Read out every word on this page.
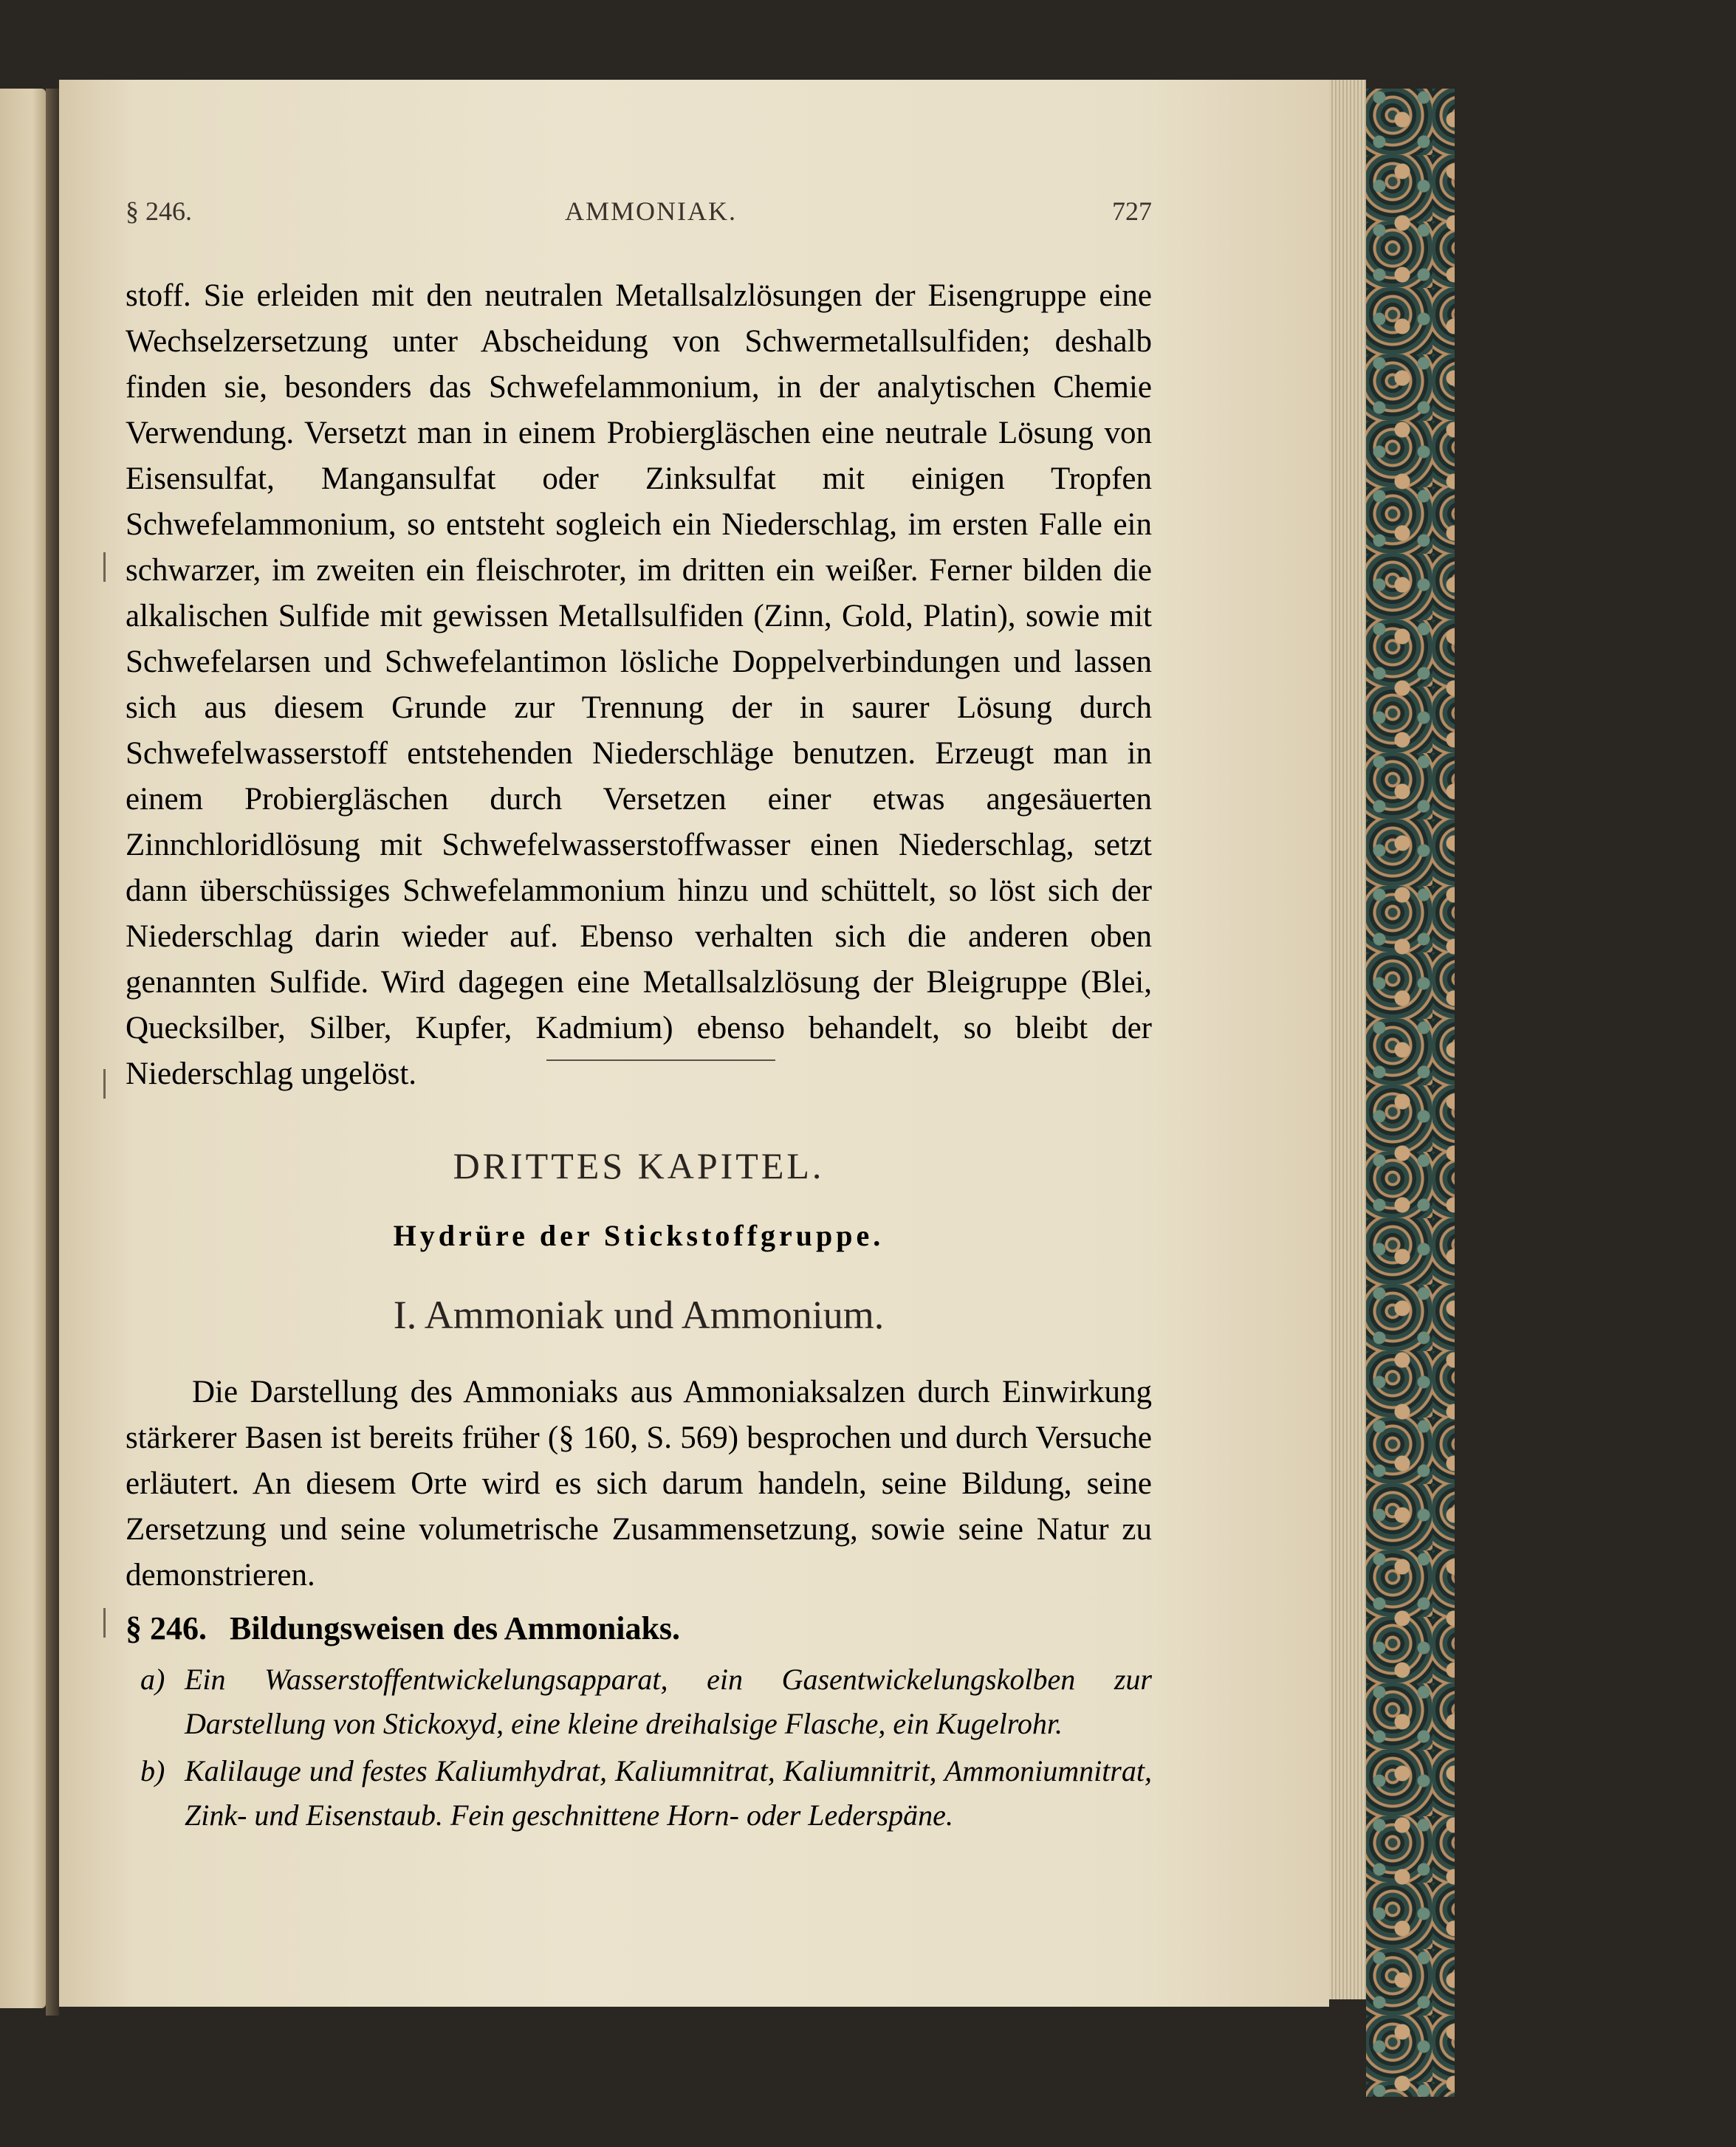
§ 246.	AMMONIAK.	727
stoff. Sie erleiden mit den neutralen Metallsalzlösungen der Eisengruppe eine Wechselzersetzung unter Abscheidung von Schwermetallsulfiden; deshalb finden sie, besonders das Schwefelammonium, in der analytischen Chemie Verwendung. Versetzt man in einem Probiergläschen eine neutrale Lösung von Eisensulfat, Mangansulfat oder Zinksulfat mit einigen Tropfen Schwefelammonium, so entsteht sogleich ein Niederschlag, im ersten Falle ein schwarzer, im zweiten ein fleischroter, im dritten ein weißer. Ferner bilden die alkalischen Sulfide mit gewissen Metallsulfiden (Zinn, Gold, Platin), sowie mit Schwefelarsen und Schwefelantimon lösliche Doppelverbindungen und lassen sich aus diesem Grunde zur Trennung der in saurer Lösung durch Schwefelwasserstoff entstehenden Niederschläge benutzen. Erzeugt man in einem Probiergläschen durch Versetzen einer etwas angesäuerten Zinnchloridlösung mit Schwefelwasserstoffwasser einen Niederschlag, setzt dann überschüssiges Schwefelammonium hinzu und schüttelt, so löst sich der Niederschlag darin wieder auf. Ebenso verhalten sich die anderen oben genannten Sulfide. Wird dagegen eine Metallsalzlösung der Bleigruppe (Blei, Quecksilber, Silber, Kupfer, Kadmium) ebenso behandelt, so bleibt der Niederschlag ungelöst.
DRITTES KAPITEL.
Hydrüre der Stickstoffgruppe.
I. Ammoniak und Ammonium.
Die Darstellung des Ammoniaks aus Ammoniaksalzen durch Einwirkung stärkerer Basen ist bereits früher (§ 160, S. 569) besprochen und durch Versuche erläutert. An diesem Orte wird es sich darum handeln, seine Bildung, seine Zersetzung und seine volumetrische Zusammensetzung, sowie seine Natur zu demonstrieren.
§ 246. Bildungsweisen des Ammoniaks.
a) Ein Wasserstoffentwickelungsapparat, ein Gasentwickelungskolben zur Darstellung von Stickoxyd, eine kleine dreihalsige Flasche, ein Kugelrohr.
b) Kalilauge und festes Kaliumhydrat, Kaliumnitrat, Kaliumnitrit, Ammoniumnitrat, Zink- und Eisenstaub. Fein geschnittene Horn- oder Lederspäne.
